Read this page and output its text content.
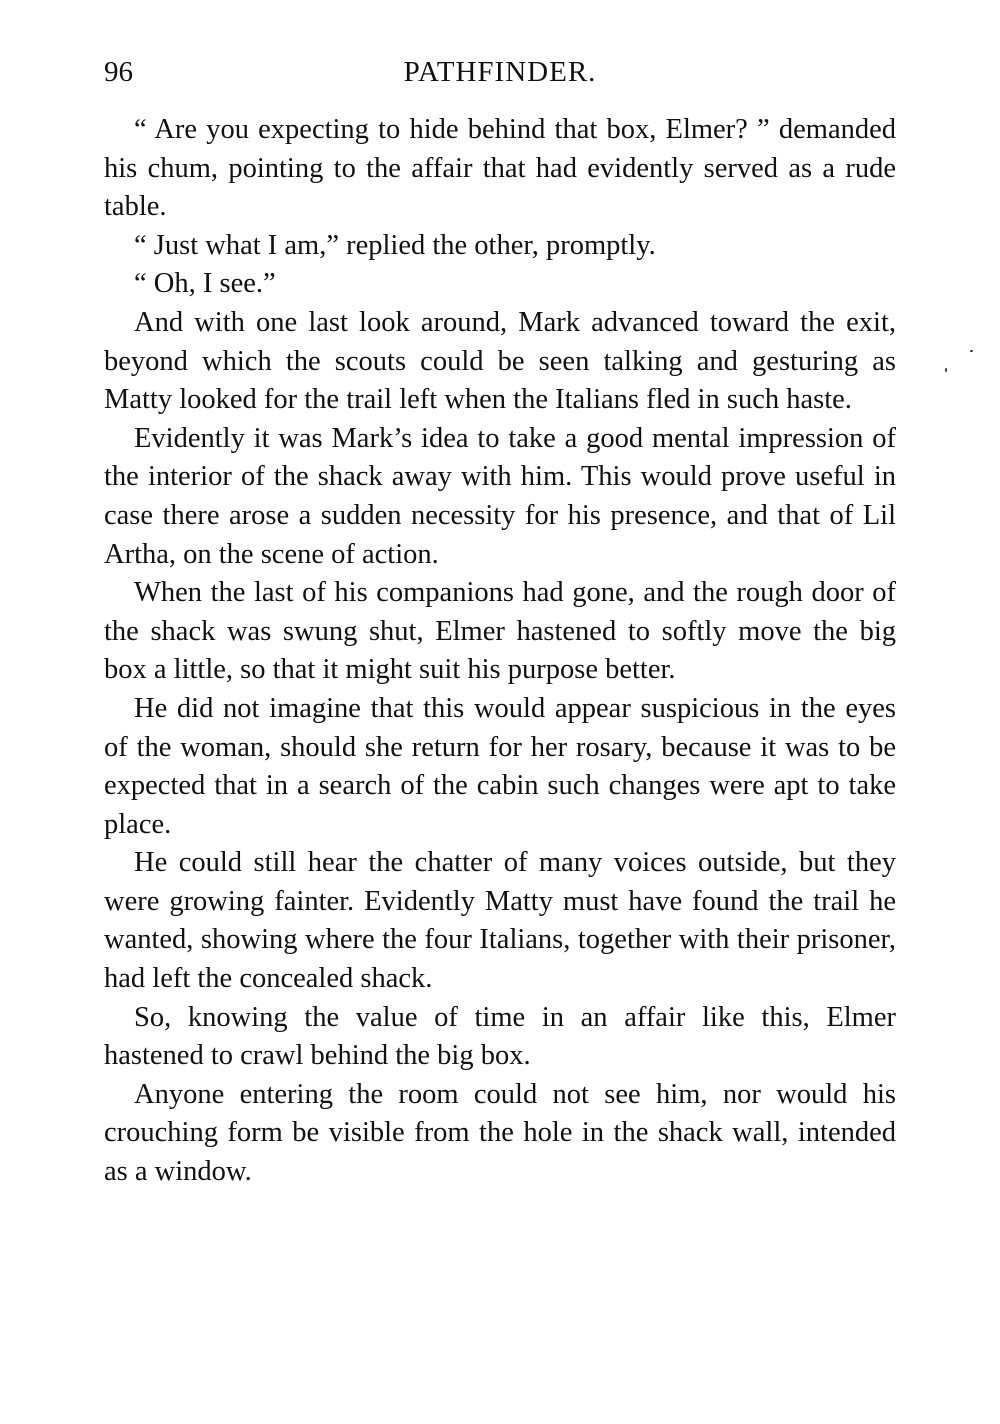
96	PATHFINDER.

“ Are you expecting to hide behind that box, Elmer? ” demanded his chum, pointing to the affair that had evidently served as a rude table.

“ Just what I am,” replied the other, promptly.

“ Oh, I see.”

And with one last look around, Mark advanced toward the exit, beyond which the scouts could be seen talking and gesturing as Matty looked for the trail left when the Italians fled in such haste.

Evidently it was Mark’s idea to take a good mental impression of the interior of the shack away with him. This would prove useful in case there arose a sudden necessity for his presence, and that of Lil Artha, on the scene of action.

When the last of his companions had gone, and the rough door of the shack was swung shut, Elmer hastened to softly move the big box a little, so that it might suit his purpose better.

He did not imagine that this would appear suspicious in the eyes of the woman, should she return for her rosary, because it was to be expected that in a search of the cabin such changes were apt to take place.

He could still hear the chatter of many voices outside, but they were growing fainter. Evidently Matty must have found the trail he wanted, showing where the four Italians, together with their prisoner, had left the concealed shack.

So, knowing the value of time in an affair like this, Elmer hastened to crawl behind the big box.

Anyone entering the room could not see him, nor would his crouching form be visible from the hole in the shack wall, intended as a window.
